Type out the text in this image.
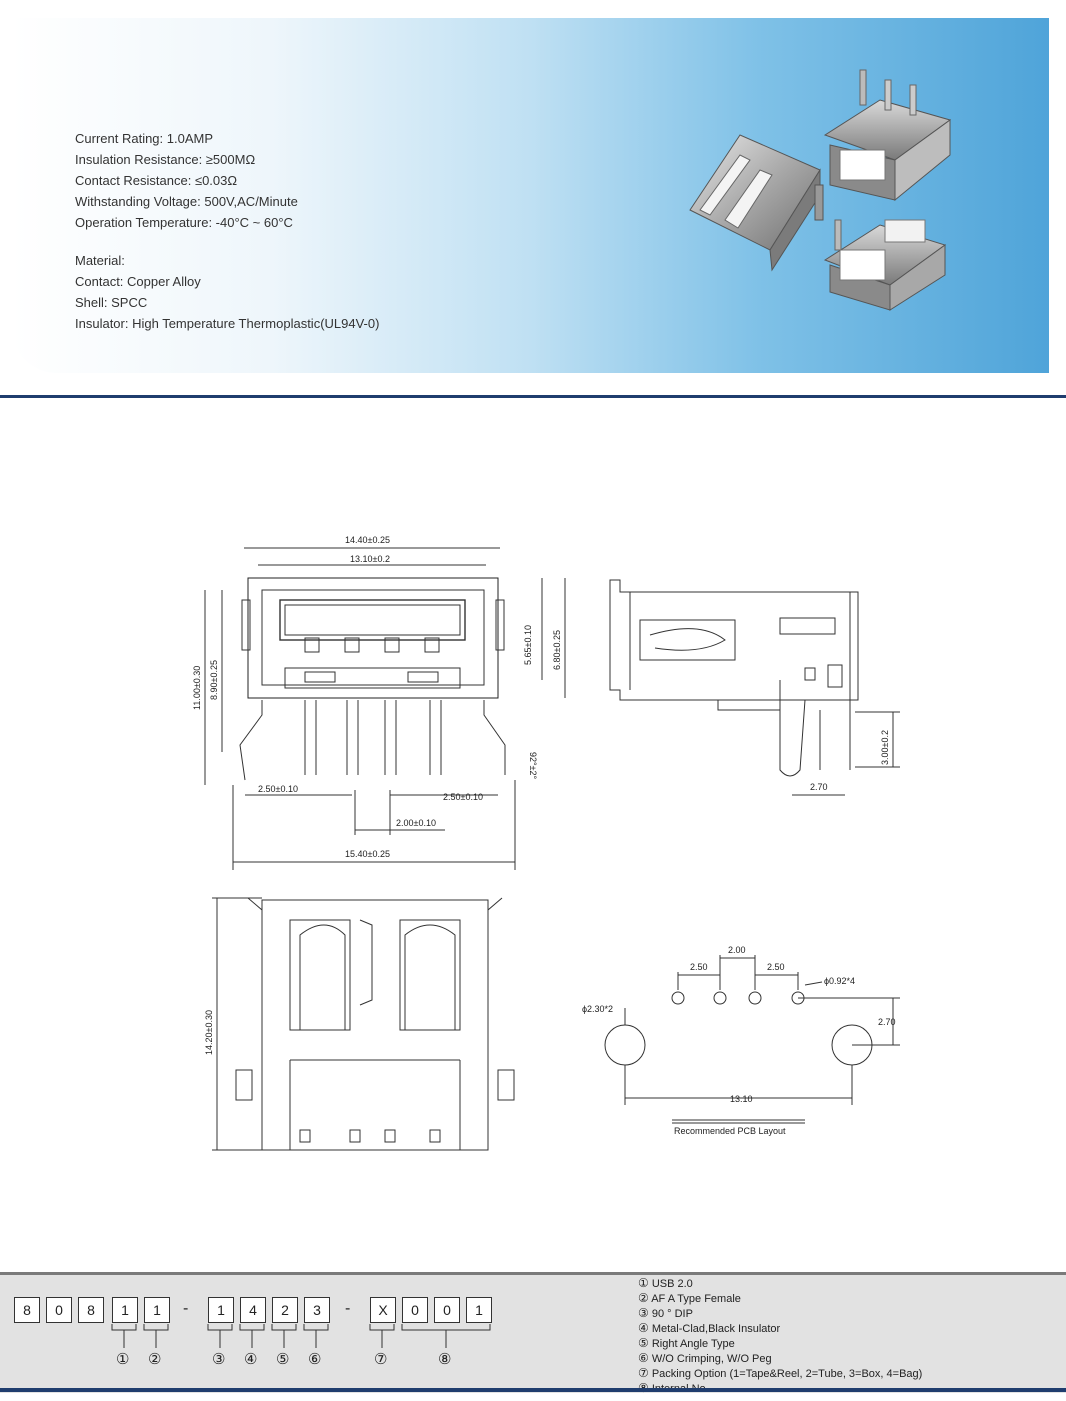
Current Rating: 1.0AMP
Insulation Resistance: ≥500MΩ
Contact Resistance: ≤0.03Ω
Withstanding Voltage: 500V,AC/Minute
Operation Temperature: -40°C ~ 60°C
Material:
Contact: Copper Alloy
Shell: SPCC
Insulator: High Temperature Thermoplastic(UL94V-0)
14.40±0.25
13.10±0.2
11.00±0.30 8.90±0.25
5.65±0.10 6.80±0.25
92°±2°
2.50±0.10
2.50±0.10
2.00±0.10
15.40±0.25
3.00±0.2
2.70
14.20±0.30
2.00
2.50	2.50
ϕ0.92*4
ϕ2.30*2
2.70
13.10
Recommended PCB Layout
8	0	8	1	1	-	1	4	2	3	-	X	0	0	1
① ②	③ ④ ⑤ ⑥	⑦	⑧
① USB 2.0
② AF A Type Female
③ 90 ° DIP
④ Metal-Clad,Black Insulator
⑤ Right Angle Type
⑥ W/O Crimping, W/O Peg
⑦ Packing Option (1=Tape&Reel, 2=Tube, 3=Box, 4=Bag)
